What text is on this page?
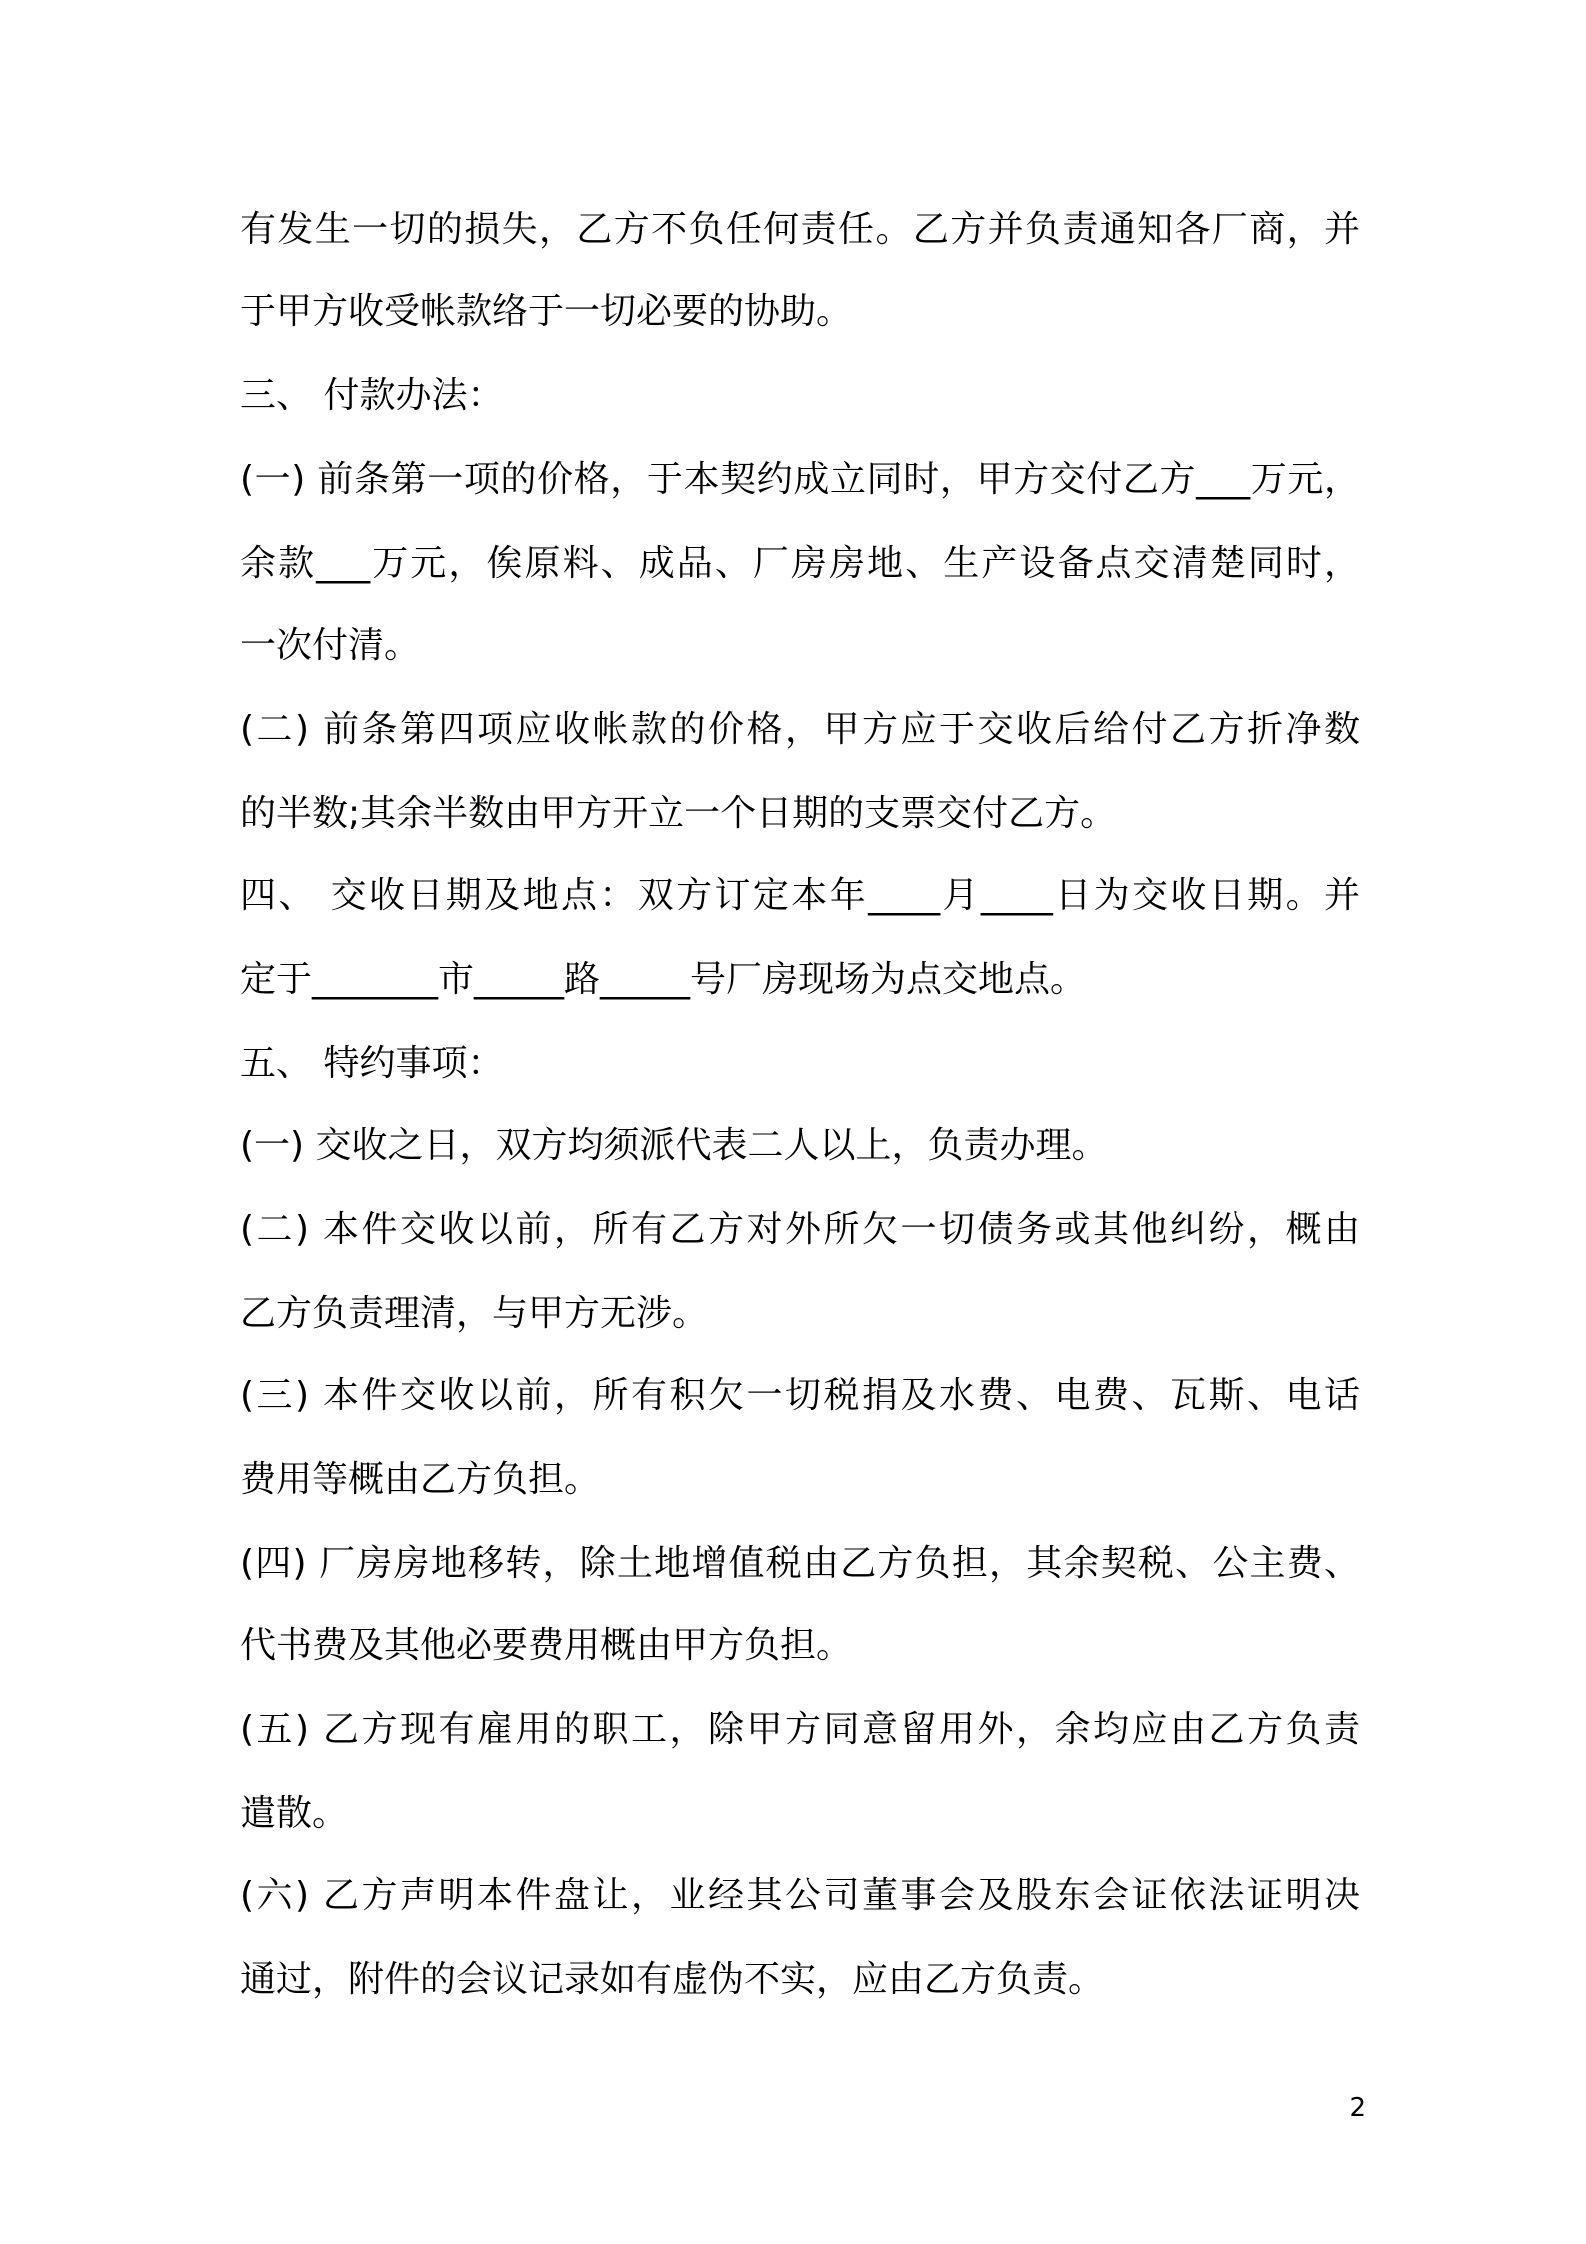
有发生一切的损失，乙方不负任何责任。乙方并负责通知各厂商，并
于甲方收受帐款络于一切必要的协助。
三、 付款办法：
(一) 前条第一项的价格，于本契约成立同时，甲方交付乙方___万元，
余款___万元，俟原料、成品、厂房房地、生产设备点交清楚同时，
一次付清。
(二) 前条第四项应收帐款的价格，甲方应于交收后给付乙方折净数
的半数;其余半数由甲方开立一个日期的支票交付乙方。
四、 交收日期及地点：双方订定本年____月____日为交收日期。并
定于_______市_____路_____号厂房现场为点交地点。
五、 特约事项：
(一) 交收之日，双方均须派代表二人以上，负责办理。
(二) 本件交收以前，所有乙方对外所欠一切债务或其他纠纷，概由
乙方负责理清，与甲方无涉。
(三) 本件交收以前，所有积欠一切税捐及水费、电费、瓦斯、电话
费用等概由乙方负担。
(四) 厂房房地移转，除土地增值税由乙方负担，其余契税、公主费、
代书费及其他必要费用概由甲方负担。
(五) 乙方现有雇用的职工，除甲方同意留用外，余均应由乙方负责
遣散。
(六) 乙方声明本件盘让，业经其公司董事会及股东会证依法证明决
通过，附件的会议记录如有虚伪不实，应由乙方负责。
2
